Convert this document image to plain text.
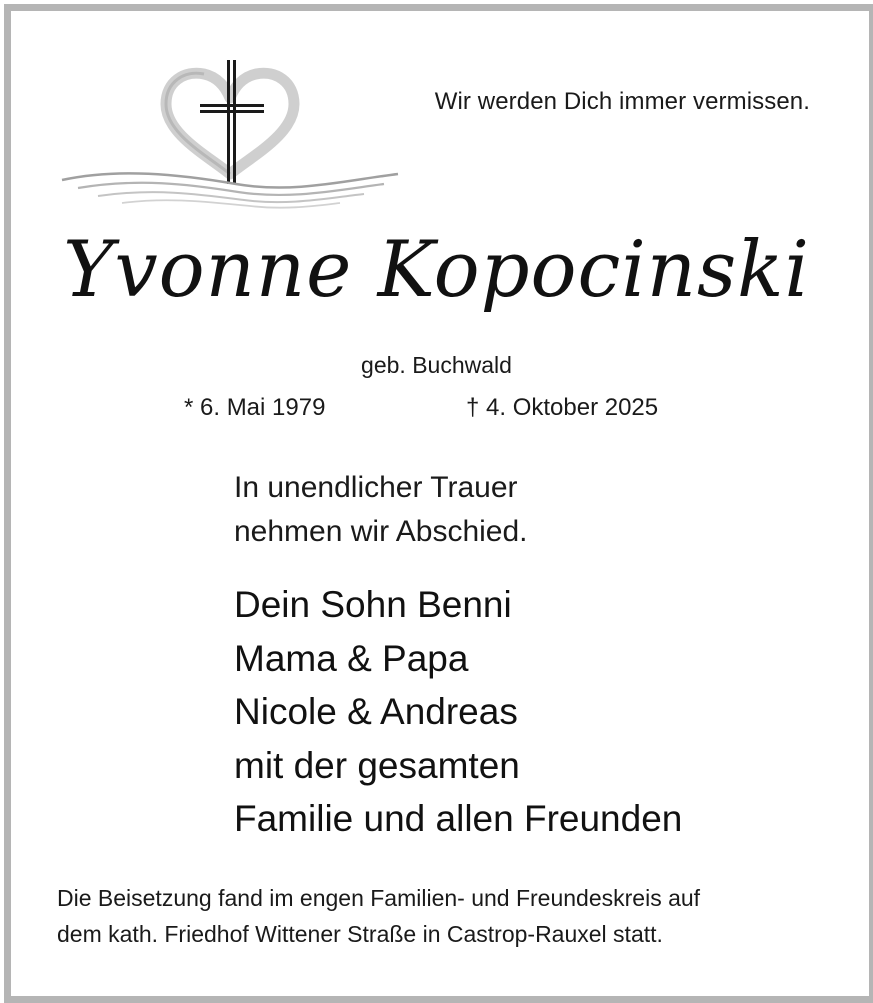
Wir werden Dich immer vermissen.
Yvonne Kopocinski
geb. Buchwald
* 6. Mai 1979	† 4. Oktober 2025
In unendlicher Trauer
nehmen wir Abschied.
Dein Sohn Benni
Mama & Papa
Nicole & Andreas
mit der gesamten
Familie und allen Freunden
Die Beisetzung fand im engen Familien- und Freundeskreis auf
dem kath. Friedhof Wittener Straße in Castrop-Rauxel statt.
